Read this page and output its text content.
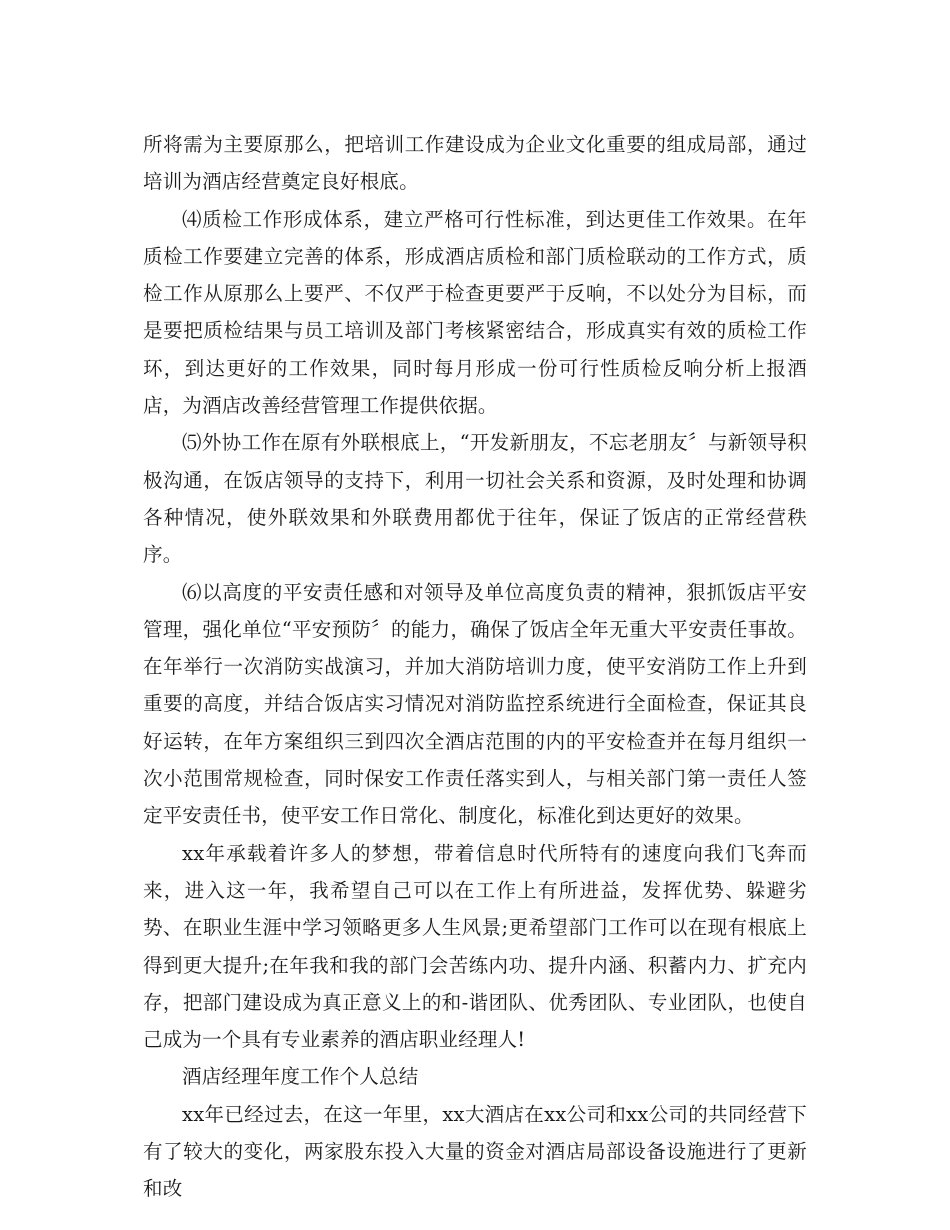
所将需为主要原那么，把培训工作建设成为企业文化重要的组成局部，通过培训为酒店经营奠定良好根底。

⑷质检工作形成体系，建立严格可行性标准，到达更佳工作效果。在年质检工作要建立完善的体系，形成酒店质检和部门质检联动的工作方式，质检工作从原那么上要严、不仅严于检查更要严于反响，不以处分为目标，而是要把质检结果与员工培训及部门考核紧密结合，形成真实有效的质检工作环，到达更好的工作效果，同时每月形成一份可行性质检反响分析上报酒店，为酒店改善经营管理工作提供依据。

⑸外协工作在原有外联根底上，“开发新朋友，不忘老朋友〞与新领导积极沟通，在饭店领导的支持下，利用一切社会关系和资源，及时处理和协调各种情况，使外联效果和外联费用都优于往年，保证了饭店的正常经营秩序。

⑹以高度的平安责任感和对领导及单位高度负责的精神，狠抓饭店平安管理，强化单位“平安预防〞的能力，确保了饭店全年无重大平安责任事故。在年举行一次消防实战演习，并加大消防培训力度，使平安消防工作上升到重要的高度，并结合饭店实习情况对消防监控系统进行全面检查，保证其良好运转，在年方案组织三到四次全酒店范围的内的平安检查并在每月组织一次小范围常规检查，同时保安工作责任落实到人，与相关部门第一责任人签定平安责任书，使平安工作日常化、制度化，标准化到达更好的效果。

xx年承载着许多人的梦想，带着信息时代所特有的速度向我们飞奔而来，进入这一年，我希望自己可以在工作上有所进益，发挥优势、躲避劣势、在职业生涯中学习领略更多人生风景;更希望部门工作可以在现有根底上得到更大提升;在年我和我的部门会苦练内功、提升内涵、积蓄内力、扩充内存，把部门建设成为真正意义上的和-谐团队、优秀团队、专业团队，也使自己成为一个具有专业素养的酒店职业经理人!

酒店经理年度工作个人总结

xx年已经过去，在这一年里，xx大酒店在xx公司和xx公司的共同经营下有了较大的变化，两家股东投入大量的资金对酒店局部设备设施进行了更新和改
